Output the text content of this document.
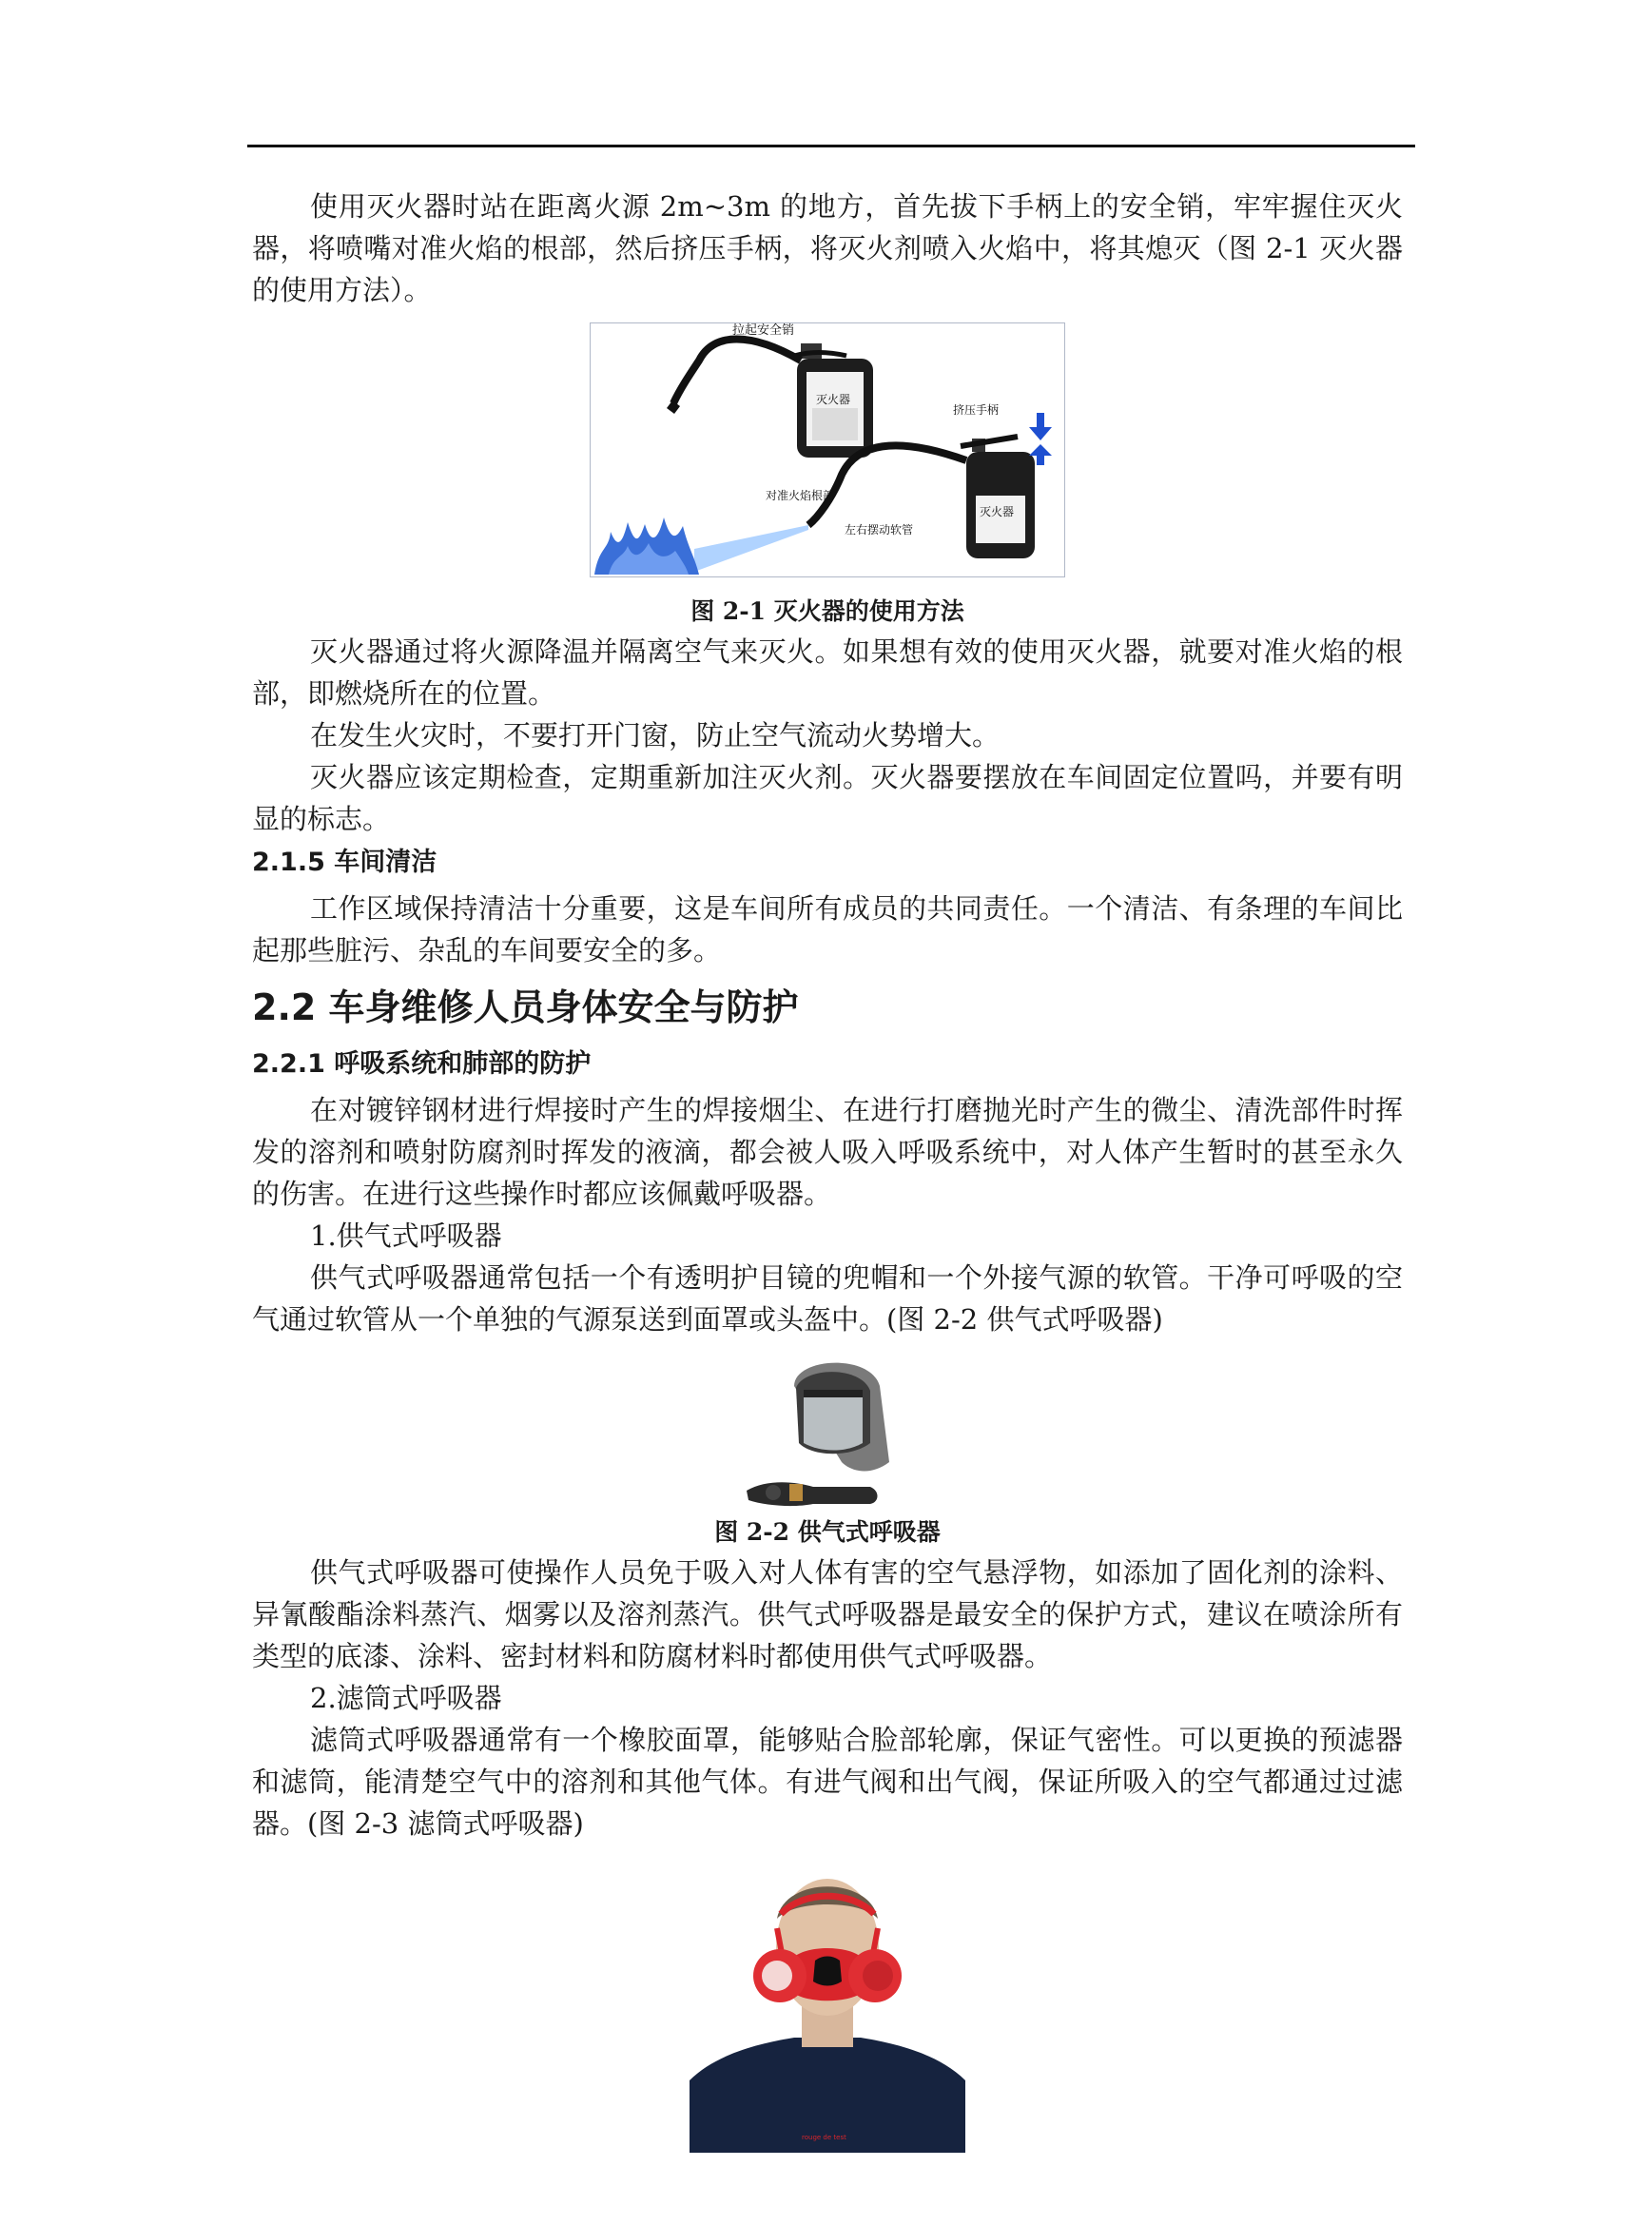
使用灭火器时站在距离火源 2m~3m 的地方，首先拔下手柄上的安全销，牢牢握住灭火器，将喷嘴对准火焰的根部，然后挤压手柄，将灭火剂喷入火焰中，将其熄灭（图 2-1 灭火器的使用方法）。

拉起安全销
灭火器
灭火器
挤压手柄
对准火焰根部
左右摆动软管
图 2-1 灭火器的使用方法

灭火器通过将火源降温并隔离空气来灭火。如果想有效的使用灭火器，就要对准火焰的根部，即燃烧所在的位置。

在发生火灾时，不要打开门窗，防止空气流动火势增大。

灭火器应该定期检查，定期重新加注灭火剂。灭火器要摆放在车间固定位置吗，并要有明显的标志。

2.1.5 车间清洁

工作区域保持清洁十分重要，这是车间所有成员的共同责任。一个清洁、有条理的车间比起那些脏污、杂乱的车间要安全的多。

2.2 车身维修人员身体安全与防护
2.2.1 呼吸系统和肺部的防护

在对镀锌钢材进行焊接时产生的焊接烟尘、在进行打磨抛光时产生的微尘、清洗部件时挥发的溶剂和喷射防腐剂时挥发的液滴，都会被人吸入呼吸系统中，对人体产生暂时的甚至永久的伤害。在进行这些操作时都应该佩戴呼吸器。

1.供气式呼吸器

供气式呼吸器通常包括一个有透明护目镜的兜帽和一个外接气源的软管。干净可呼吸的空气通过软管从一个单独的气源泵送到面罩或头盔中。(图 2-2 供气式呼吸器)

图 2-2 供气式呼吸器

供气式呼吸器可使操作人员免于吸入对人体有害的空气悬浮物，如添加了固化剂的涂料、异氰酸酯涂料蒸汽、烟雾以及溶剂蒸汽。供气式呼吸器是最安全的保护方式，建议在喷涂所有类型的底漆、涂料、密封材料和防腐材料时都使用供气式呼吸器。

2.滤筒式呼吸器

滤筒式呼吸器通常有一个橡胶面罩，能够贴合脸部轮廓，保证气密性。可以更换的预滤器和滤筒，能清楚空气中的溶剂和其他气体。有进气阀和出气阀，保证所吸入的空气都通过过滤器。(图 2-3 滤筒式呼吸器)

rouge de test
